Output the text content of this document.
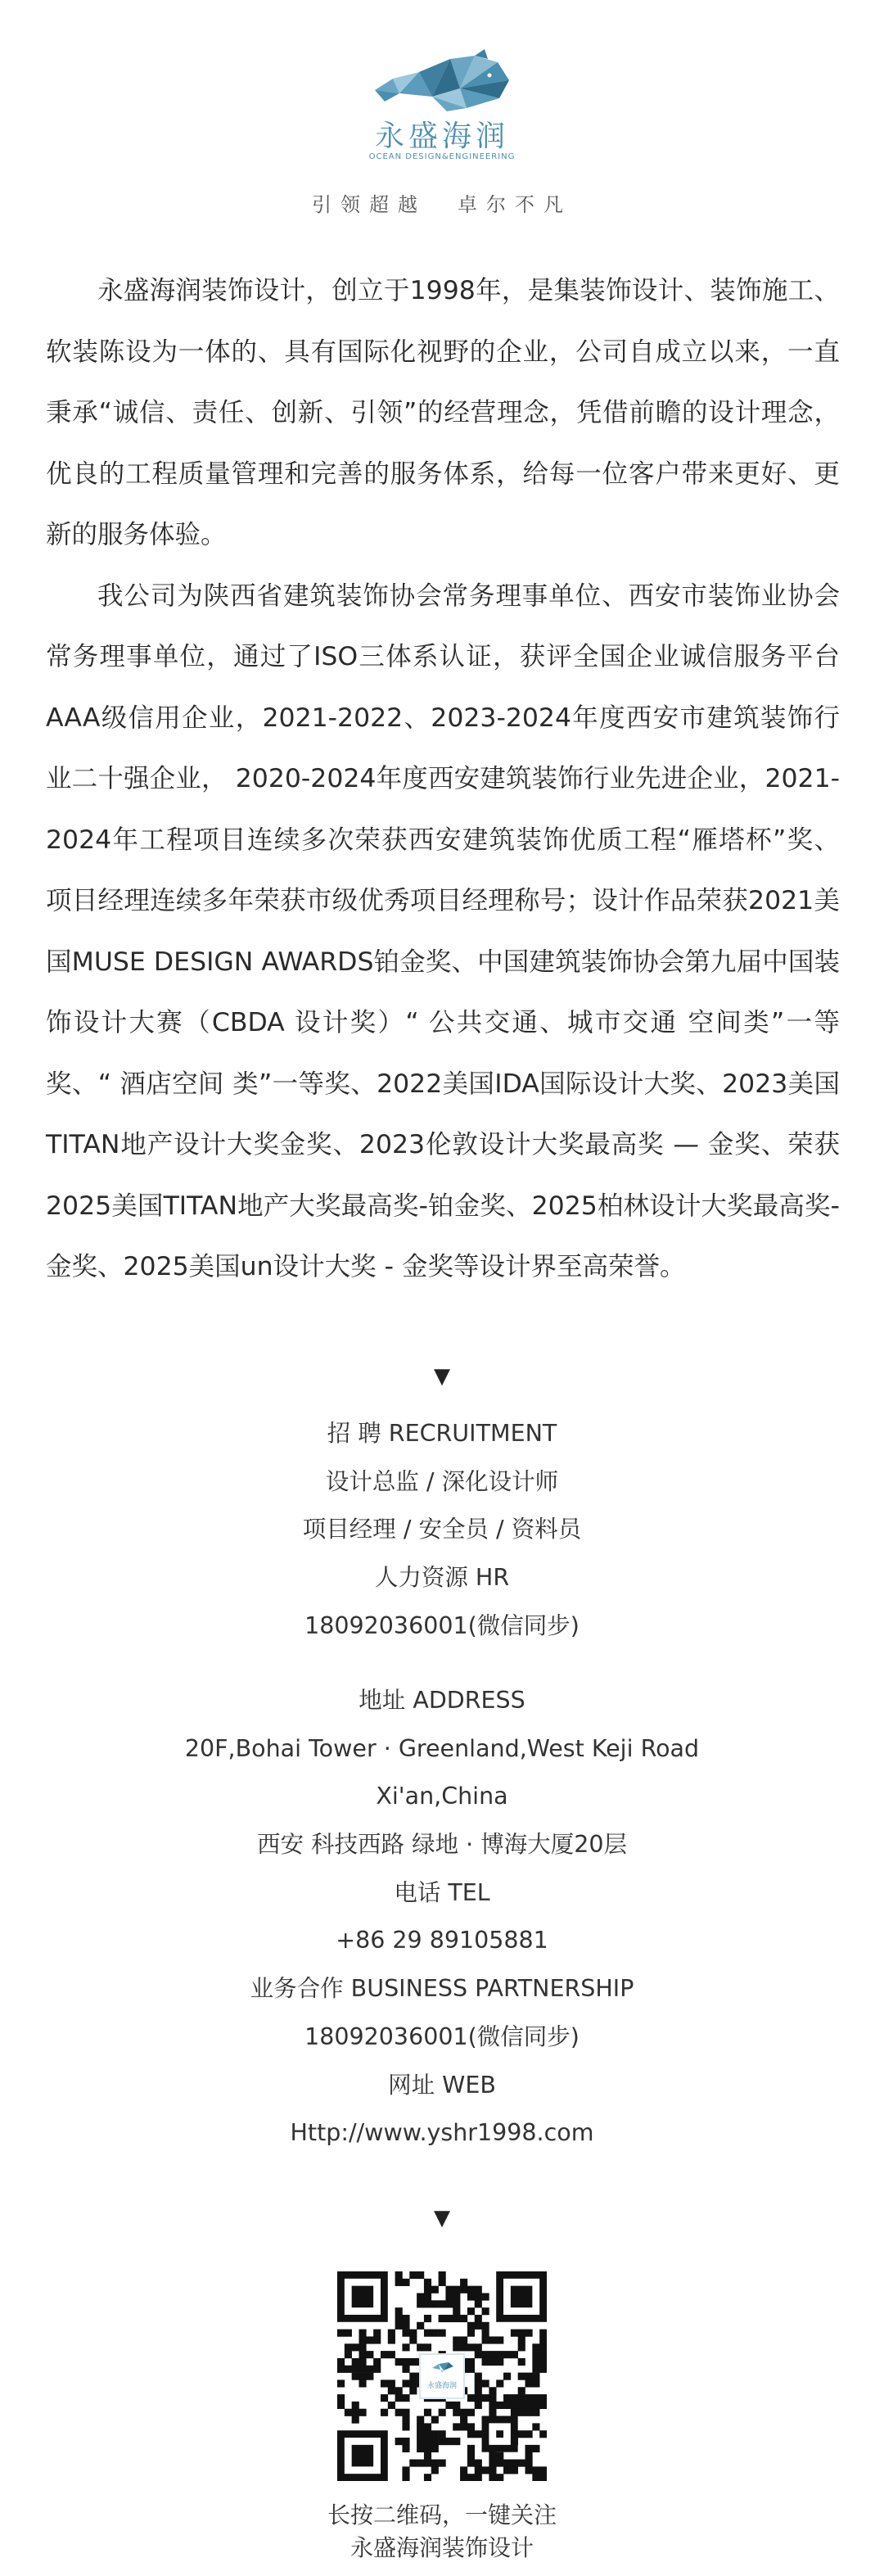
永盛海润
OCEAN DESIGN&ENGINEERING
引领超越 卓尔不凡

永盛海润装饰设计，创立于1998年，是集装饰设计、装饰施工、软装陈设为一体的、具有国际化视野的企业，公司自成立以来，一直秉承“诚信、责任、创新、引领”的经营理念，凭借前瞻的设计理念，优良的工程质量管理和完善的服务体系，给每一位客户带来更好、更新的服务体验。

我公司为陕西省建筑装饰协会常务理事单位、西安市装饰业协会常务理事单位，通过了ISO三体系认证，获评全国企业诚信服务平台AAA级信用企业，2021-2022、2023-2024年度西安市建筑装饰行业二十强企业， 2020-2024年度西安建筑装饰行业先进企业，2021-2024年工程项目连续多次荣获西安建筑装饰优质工程“雁塔杯”奖、 项目经理连续多年荣获市级优秀项目经理称号；设计作品荣获2021美国MUSE DESIGN AWARDS铂金奖、中国建筑装饰协会第九届中国装饰设计大赛（CBDA 设计奖）“ 公共交通、城市交通 空间类”一等奖、“ 酒店空间 类”一等奖、2022美国IDA国际设计大奖、2023美国TITAN地产设计大奖金奖、2023伦敦设计大奖最高奖 — 金奖、荣获2025美国TITAN地产大奖最高奖-铂金奖、2025柏林设计大奖最高奖-金奖、2025美国un设计大奖 - 金奖等设计界至高荣誉。

▼
招 聘 RECRUITMENT
设计总监 / 深化设计师
项目经理 / 安全员 / 资料员
人力资源 HR
18092036001(微信同步)
地址 ADDRESS
20F,Bohai Tower · Greenland,West Keji Road
Xi'an,China
西安 科技西路 绿地 · 博海大厦20层
电话 TEL
+86 29 89105881
业务合作 BUSINESS PARTNERSHIP
18092036001(微信同步)
网址 WEB
Http://www.yshr1998.com
▼
永盛海润
长按二维码，一键关注
永盛海润装饰设计
